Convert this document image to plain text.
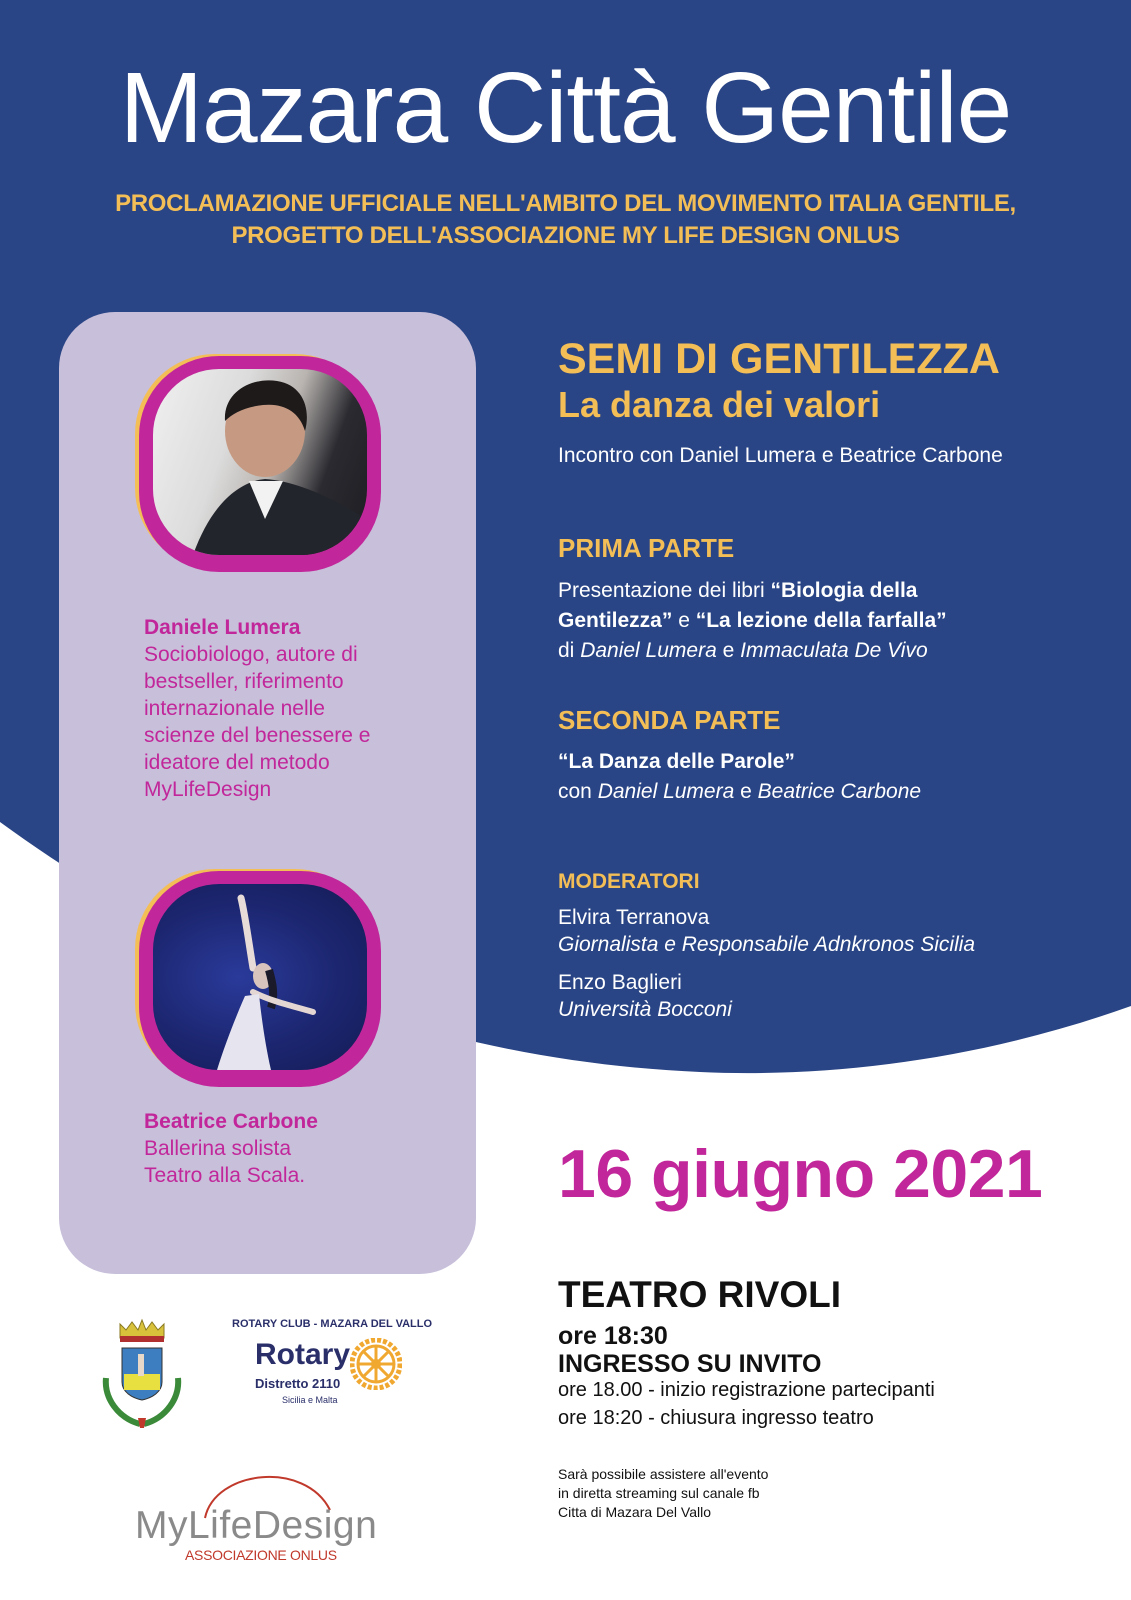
Mazara Città Gentile
PROCLAMAZIONE UFFICIALE NELL'AMBITO DEL MOVIMENTO ITALIA GENTILE,
PROGETTO DELL'ASSOCIAZIONE MY LIFE DESIGN ONLUS
Daniele Lumera
Sociobiologo, autore di
bestseller, riferimento
internazionale nelle
scienze del benessere e
ideatore del metodo
MyLifeDesign
Beatrice Carbone
Ballerina solista
Teatro alla Scala.
SEMI DI GENTILEZZA
La danza dei valori
Incontro con Daniel Lumera e Beatrice Carbone
PRIMA PARTE
Presentazione dei libri “Biologia della
Gentilezza” e “La lezione della farfalla”
di Daniel Lumera e Immaculata De Vivo
SECONDA PARTE
“La Danza delle Parole”
con Daniel Lumera e Beatrice Carbone
MODERATORI
Elvira Terranova
Giornalista e Responsabile Adnkronos Sicilia
Enzo Baglieri
Università Bocconi
16 giugno 2021
TEATRO RIVOLI
ore 18:30
INGRESSO SU INVITO
ore 18.00 - inizio registrazione partecipanti
ore 18:20 - chiusura ingresso teatro
Sarà possibile assistere all'evento
in diretta streaming sul canale fb
Citta di Mazara Del Vallo
ROTARY CLUB - MAZARA DEL VALLO
Rotary
Distretto 2110
Sicilia e Malta
MyLifeDesign
ASSOCIAZIONE ONLUS
